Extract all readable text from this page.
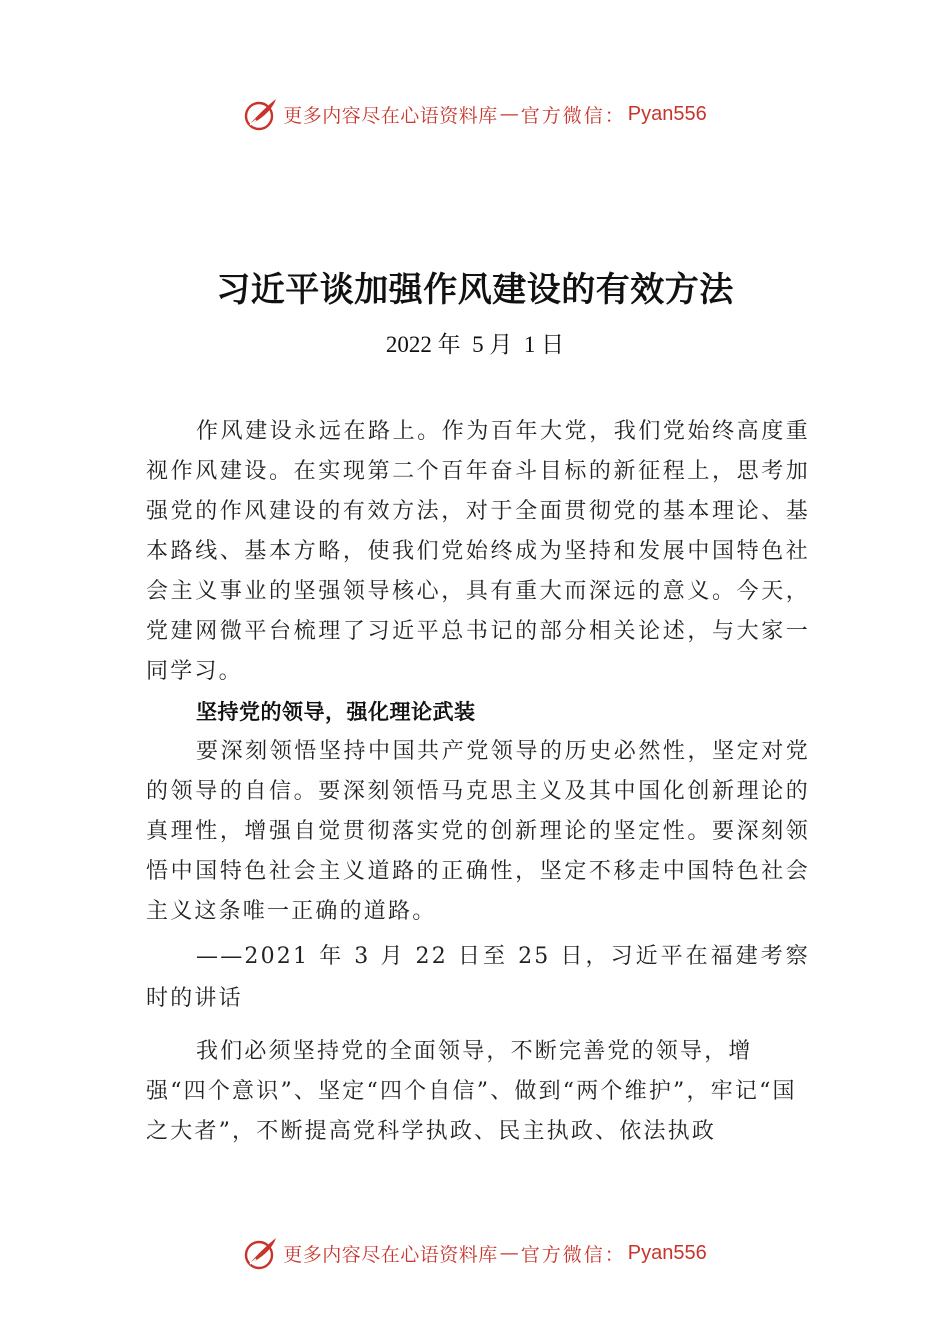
更多内容尽在心语资料库 — 官方微信： Pyan556
习近平谈加强作风建设的有效方法
2022 年  5 月  1 日

作风建设永远在路上。作为百年大党，我们党始终高度重视作风建设。在实现第二个百年奋斗目标的新征程上，思考加强党的作风建设的有效方法，对于全面贯彻党的基本理论、基本路线、基本方略，使我们党始终成为坚持和发展中国特色社会主义事业的坚强领导核心，具有重大而深远的意义。今天，党建网微平台梳理了习近平总书记的部分相关论述，与大家一同学习。

坚持党的领导，强化理论武装

要深刻领悟坚持中国共产党领导的历史必然性，坚定对党的领导的自信。要深刻领悟马克思主义及其中国化创新理论的真理性，增强自觉贯彻落实党的创新理论的坚定性。要深刻领悟中国特色社会主义道路的正确性，坚定不移走中国特色社会主义这条唯一正确的道路。

——2021 年 3 月 22 日至 25 日，习近平在福建考察时的讲话

我们必须坚持党的全面领导，不断完善党的领导，增强“四个意识”、坚定“四个自信”、做到“两个维护”，牢记“国之大者”，不断提高党科学执政、民主执政、依法执政

更多内容尽在心语资料库 — 官方微信： Pyan556
